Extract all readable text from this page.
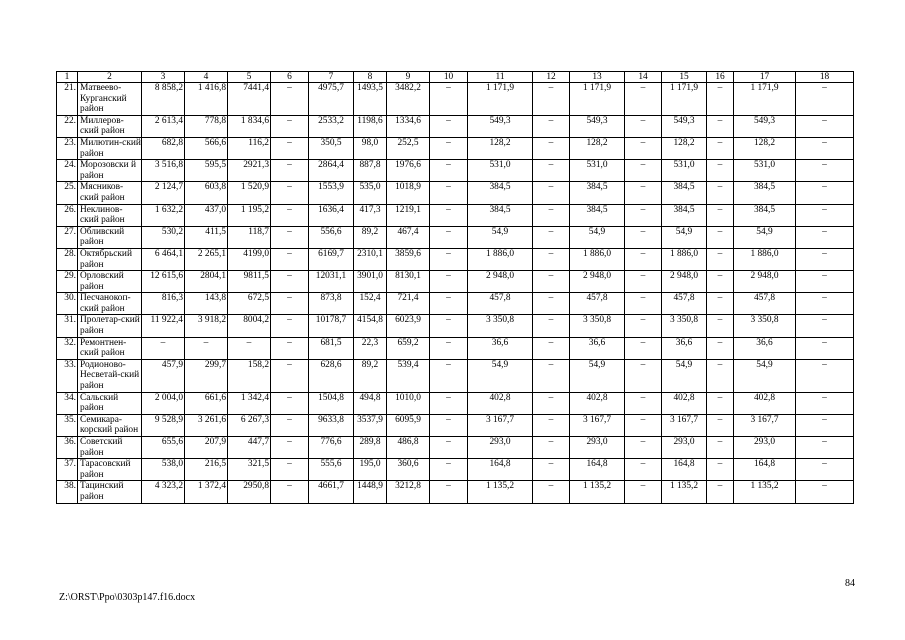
1	2	3	4	5	6	7	8	9	10	11	12	13	14	15	16	17	18
21.	Матвеево-Курганский район	8 858,2	1 416,8	7441,4	–	4975,7	1493,5	3482,2	–	1 171,9	–	1 171,9	–	1 171,9	–	1 171,9	–
22.	Миллеров-ский район	2 613,4	778,8	1 834,6	–	2533,2	1198,6	1334,6	–	549,3	–	549,3	–	549,3	–	549,3	–
23.	Милютин-ский район	682,8	566,6	116,2	–	350,5	98,0	252,5	–	128,2	–	128,2	–	128,2	–	128,2	–
24.	Морозовски й район	3 516,8	595,5	2921,3	–	2864,4	887,8	1976,6	–	531,0	–	531,0	–	531,0	–	531,0	–
25.	Мясников-ский район	2 124,7	603,8	1 520,9	–	1553,9	535,0	1018,9	–	384,5	–	384,5	–	384,5	–	384,5	–
26.	Неклинов-ский район	1 632,2	437,0	1 195,2	–	1636,4	417,3	1219,1	–	384,5	–	384,5	–	384,5	–	384,5	–
27.	Обливский район	530,2	411,5	118,7	–	556,6	89,2	467,4	–	54,9	–	54,9	–	54,9	–	54,9	–
28.	Октябрьский район	6 464,1	2 265,1	4199,0	–	6169,7	2310,1	3859,6	–	1 886,0	–	1 886,0	–	1 886,0	–	1 886,0	–
29.	Орловский район	12 615,6	2804,1	9811,5	–	12031,1	3901,0	8130,1	–	2 948,0	–	2 948,0	–	2 948,0	–	2 948,0	–
30.	Песчанокоп-ский район	816,3	143,8	672,5	–	873,8	152,4	721,4	–	457,8	–	457,8	–	457,8	–	457,8	–
31.	Пролетар-ский район	11 922,4	3 918,2	8004,2	–	10178,7	4154,8	6023,9	–	3 350,8	–	3 350,8	–	3 350,8	–	3 350,8	–
32.	Ремонтнен-ский район	–	–	–	–	681,5	22,3	659,2	–	36,6	–	36,6	–	36,6	–	36,6	–
33.	Родионово-Несветай-ский район	457,9	299,7	158,2	–	628,6	89,2	539,4	–	54,9	–	54,9	–	54,9	–	54,9	–
34.	Сальский район	2 004,0	661,6	1 342,4	–	1504,8	494,8	1010,0	–	402,8	–	402,8	–	402,8	–	402,8	–
35.	Семикара-корский район	9 528,9	3 261,6	6 267,3	–	9633,8	3537,9	6095,9	–	3 167,7	–	3 167,7	–	3 167,7	–	3 167,7	–
36.	Советский район	655,6	207,9	447,7	–	776,6	289,8	486,8	–	293,0	–	293,0	–	293,0	–	293,0	–
37.	Тарасовский район	538,0	216,5	321,5	–	555,6	195,0	360,6	–	164,8	–	164,8	–	164,8	–	164,8	–
38.	Тацинский район	4 323,2	1 372,4	2950,8	–	4661,7	1448,9	3212,8	–	1 135,2	–	1 135,2	–	1 135,2	–	1 135,2	–
84
Z:\ORST\Ppo\0303p147.f16.docx
